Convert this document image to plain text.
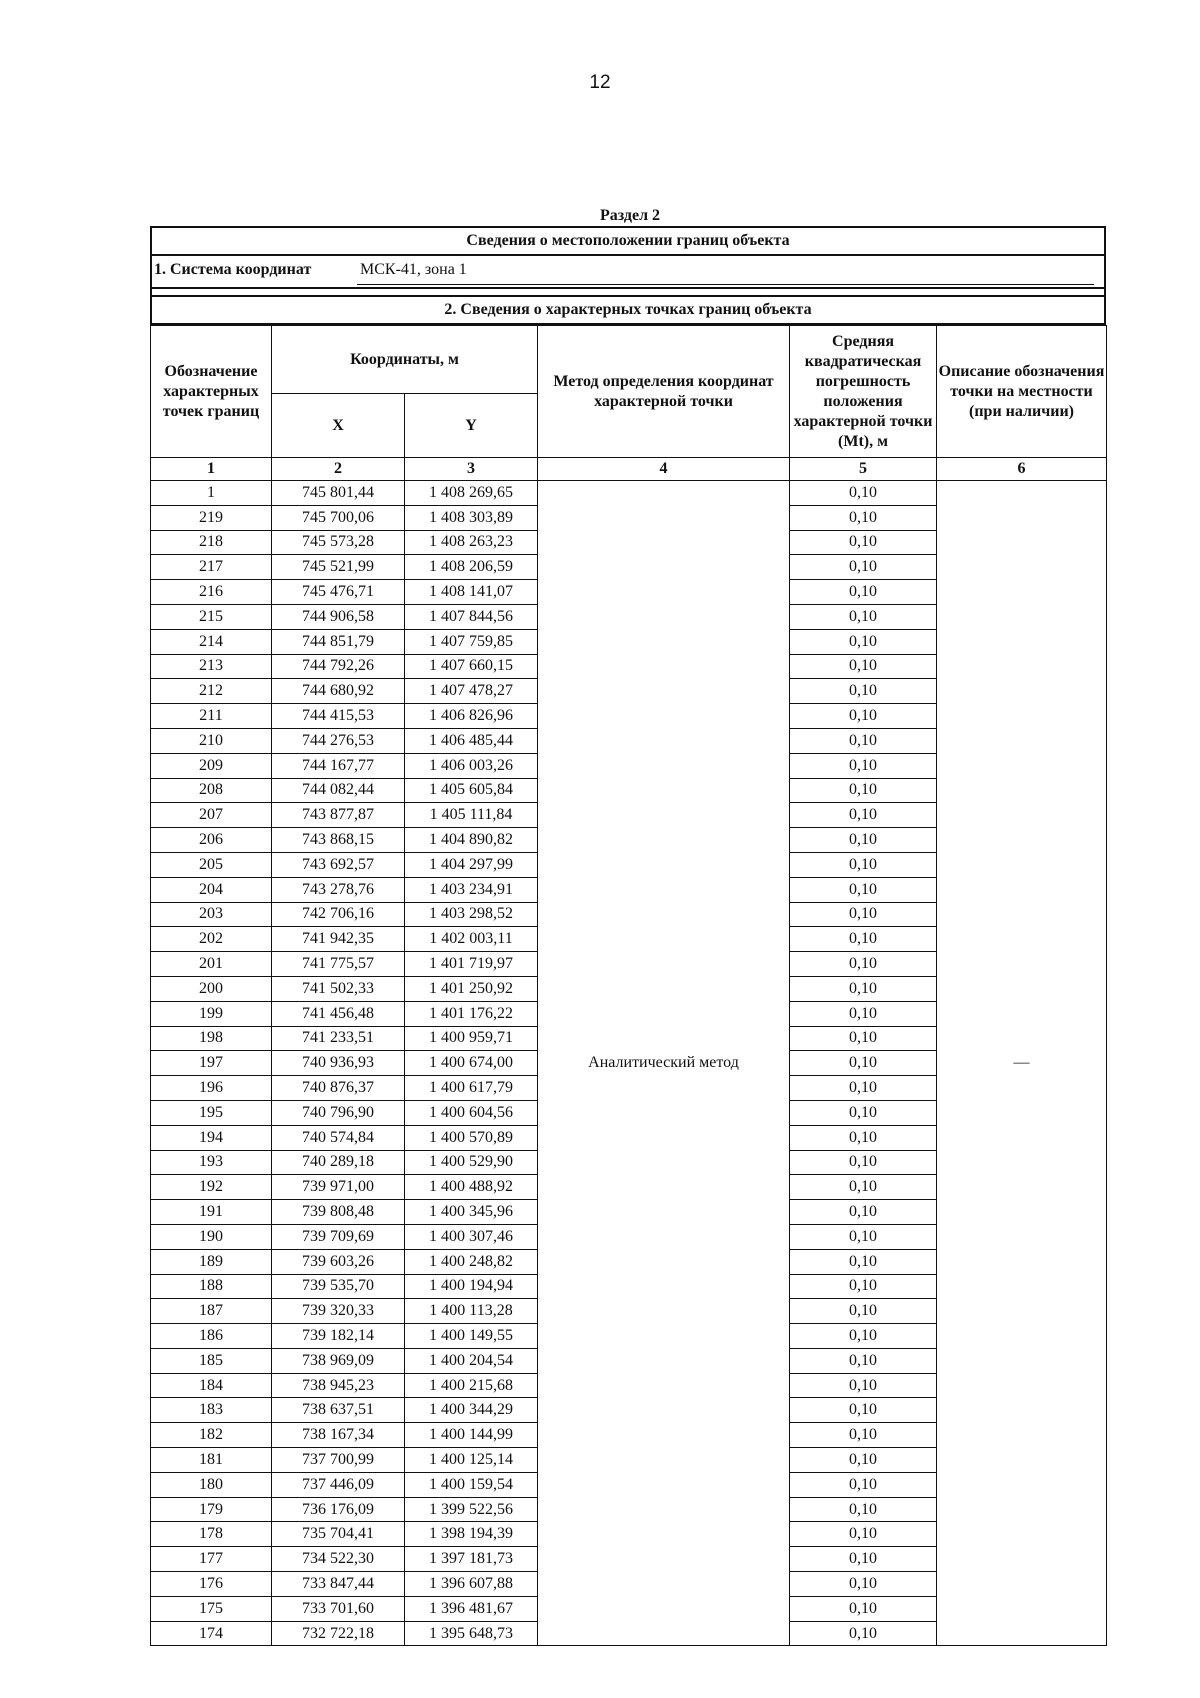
12
Раздел 2
Сведения о местоположении границ объекта
1. Система координат	МСК-41, зона 1
2. Сведения о характерных точках границ объекта
Обозначение характерных точек границ	Координаты, м		Метод определения координат характерной точки	Средняя квадратическая погрешность положения характерной точки (Mt), м	Описание обозначения точки на местности (при наличии)
	X	Y			
1	2	3	4	5	6
1	745 801,44	1 408 269,65	Аналитический метод	0,10	—
219	745 700,06	1 408 303,89		0,10	
218	745 573,28	1 408 263,23		0,10	
217	745 521,99	1 408 206,59		0,10	
216	745 476,71	1 408 141,07		0,10	
215	744 906,58	1 407 844,56		0,10	
214	744 851,79	1 407 759,85		0,10	
213	744 792,26	1 407 660,15		0,10	
212	744 680,92	1 407 478,27		0,10	
211	744 415,53	1 406 826,96		0,10	
210	744 276,53	1 406 485,44		0,10	
209	744 167,77	1 406 003,26		0,10	
208	744 082,44	1 405 605,84		0,10	
207	743 877,87	1 405 111,84		0,10	
206	743 868,15	1 404 890,82		0,10	
205	743 692,57	1 404 297,99		0,10	
204	743 278,76	1 403 234,91		0,10	
203	742 706,16	1 403 298,52		0,10	
202	741 942,35	1 402 003,11		0,10	
201	741 775,57	1 401 719,97		0,10	
200	741 502,33	1 401 250,92		0,10	
199	741 456,48	1 401 176,22		0,10	
198	741 233,51	1 400 959,71		0,10	
197	740 936,93	1 400 674,00		0,10	
196	740 876,37	1 400 617,79		0,10	
195	740 796,90	1 400 604,56		0,10	
194	740 574,84	1 400 570,89		0,10	
193	740 289,18	1 400 529,90		0,10	
192	739 971,00	1 400 488,92		0,10	
191	739 808,48	1 400 345,96		0,10	
190	739 709,69	1 400 307,46		0,10	
189	739 603,26	1 400 248,82		0,10	
188	739 535,70	1 400 194,94		0,10	
187	739 320,33	1 400 113,28		0,10	
186	739 182,14	1 400 149,55		0,10	
185	738 969,09	1 400 204,54		0,10	
184	738 945,23	1 400 215,68		0,10	
183	738 637,51	1 400 344,29		0,10	
182	738 167,34	1 400 144,99		0,10	
181	737 700,99	1 400 125,14		0,10	
180	737 446,09	1 400 159,54		0,10	
179	736 176,09	1 399 522,56		0,10	
178	735 704,41	1 398 194,39		0,10	
177	734 522,30	1 397 181,73		0,10	
176	733 847,44	1 396 607,88		0,10	
175	733 701,60	1 396 481,67		0,10	
174	732 722,18	1 395 648,73		0,10	
